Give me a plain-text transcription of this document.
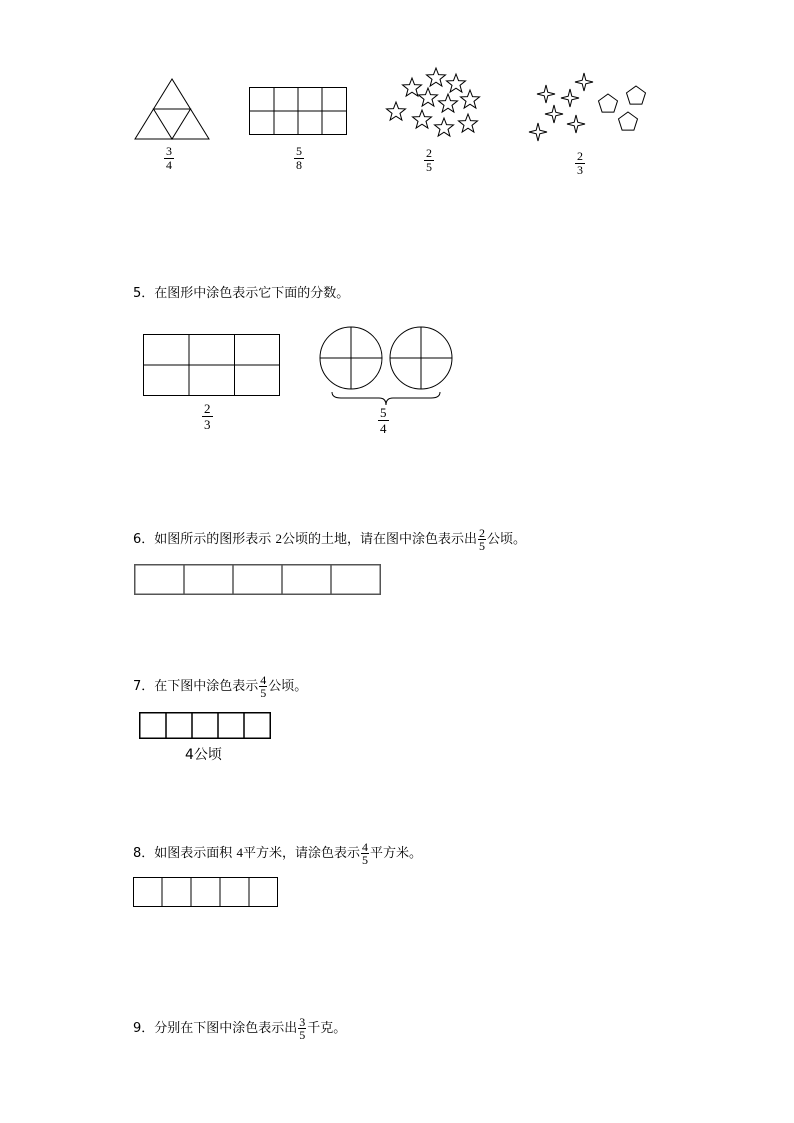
3
4
5
8
2
5
2
3
5．在图形中涂色表示它下面的分数。
2
3
5
4
6．如图所示的图形表示 2公顷的土地，请在图中涂色表示出 $\frac{2}{5}$ 公顷。
7．在下图中涂色表示 $\frac{4}{5}$ 公顷。
4公顷
8．如图表示面积 4平方米，请涂色表示 $\frac{4}{5}$ 平方米。
9．分别在下图中涂色表示出 $\frac{3}{5}$ 千克。
